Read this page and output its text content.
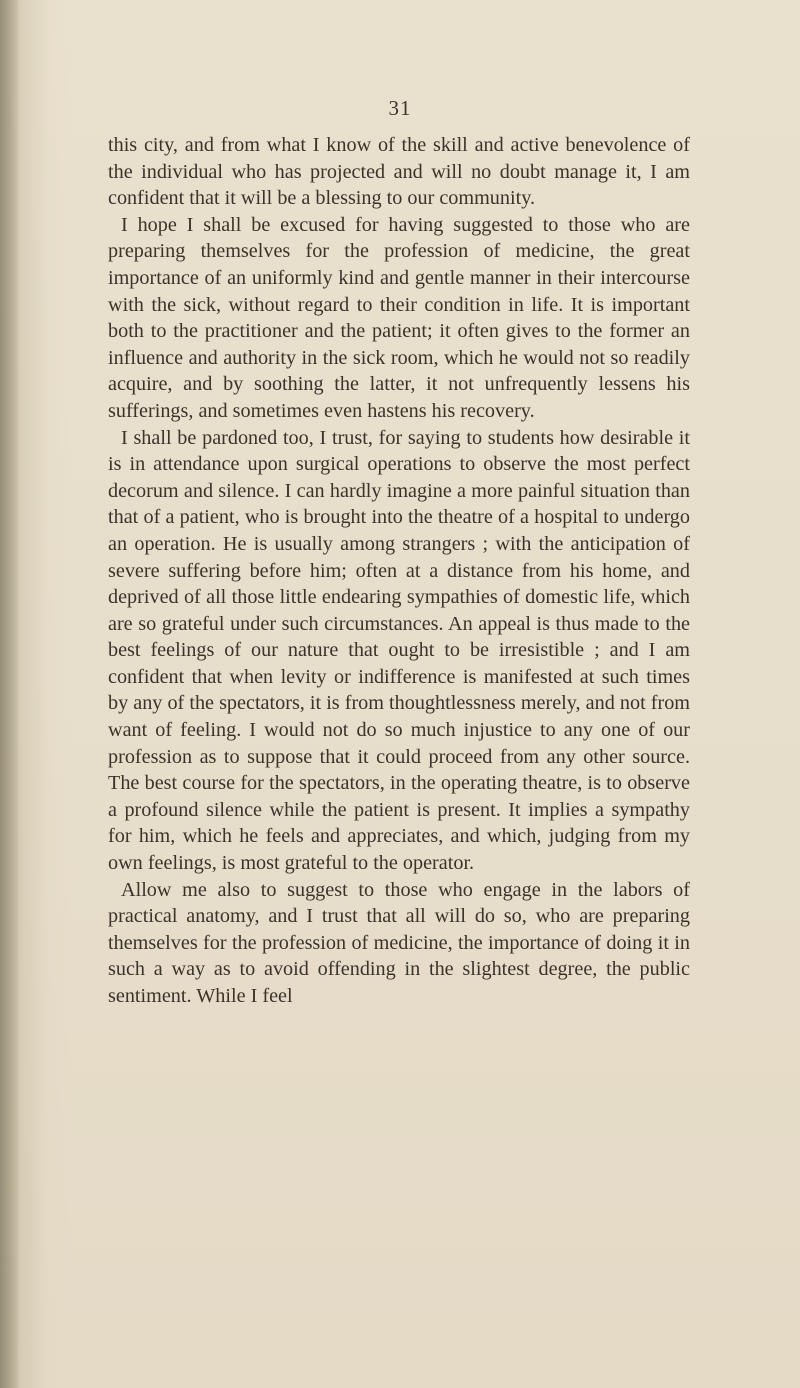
31

this city, and from what I know of the skill and active benevolence of the individual who has projected and will no doubt manage it, I am confident that it will be a blessing to our community.

I hope I shall be excused for having suggested to those who are preparing themselves for the profession of medicine, the great importance of an uniformly kind and gentle manner in their intercourse with the sick, without regard to their condition in life. It is important both to the practitioner and the patient; it often gives to the former an influence and authority in the sick room, which he would not so readily acquire, and by soothing the latter, it not unfrequently lessens his sufferings, and sometimes even hastens his recovery.

I shall be pardoned too, I trust, for saying to students how desirable it is in attendance upon surgical operations to observe the most perfect decorum and silence. I can hardly imagine a more painful situation than that of a patient, who is brought into the theatre of a hospital to undergo an operation. He is usually among strangers ; with the anticipation of severe suffering before him; often at a distance from his home, and deprived of all those little endearing sympathies of domestic life, which are so grateful under such circumstances. An appeal is thus made to the best feelings of our nature that ought to be irresistible ; and I am confident that when levity or indifference is manifested at such times by any of the spectators, it is from thoughtlessness merely, and not from want of feeling. I would not do so much injustice to any one of our profession as to suppose that it could proceed from any other source. The best course for the spectators, in the operating theatre, is to observe a profound silence while the patient is present. It implies a sympathy for him, which he feels and appreciates, and which, judging from my own feelings, is most grateful to the operator.

Allow me also to suggest to those who engage in the labors of practical anatomy, and I trust that all will do so, who are preparing themselves for the profession of medicine, the importance of doing it in such a way as to avoid offending in the slightest degree, the public sentiment. While I feel
